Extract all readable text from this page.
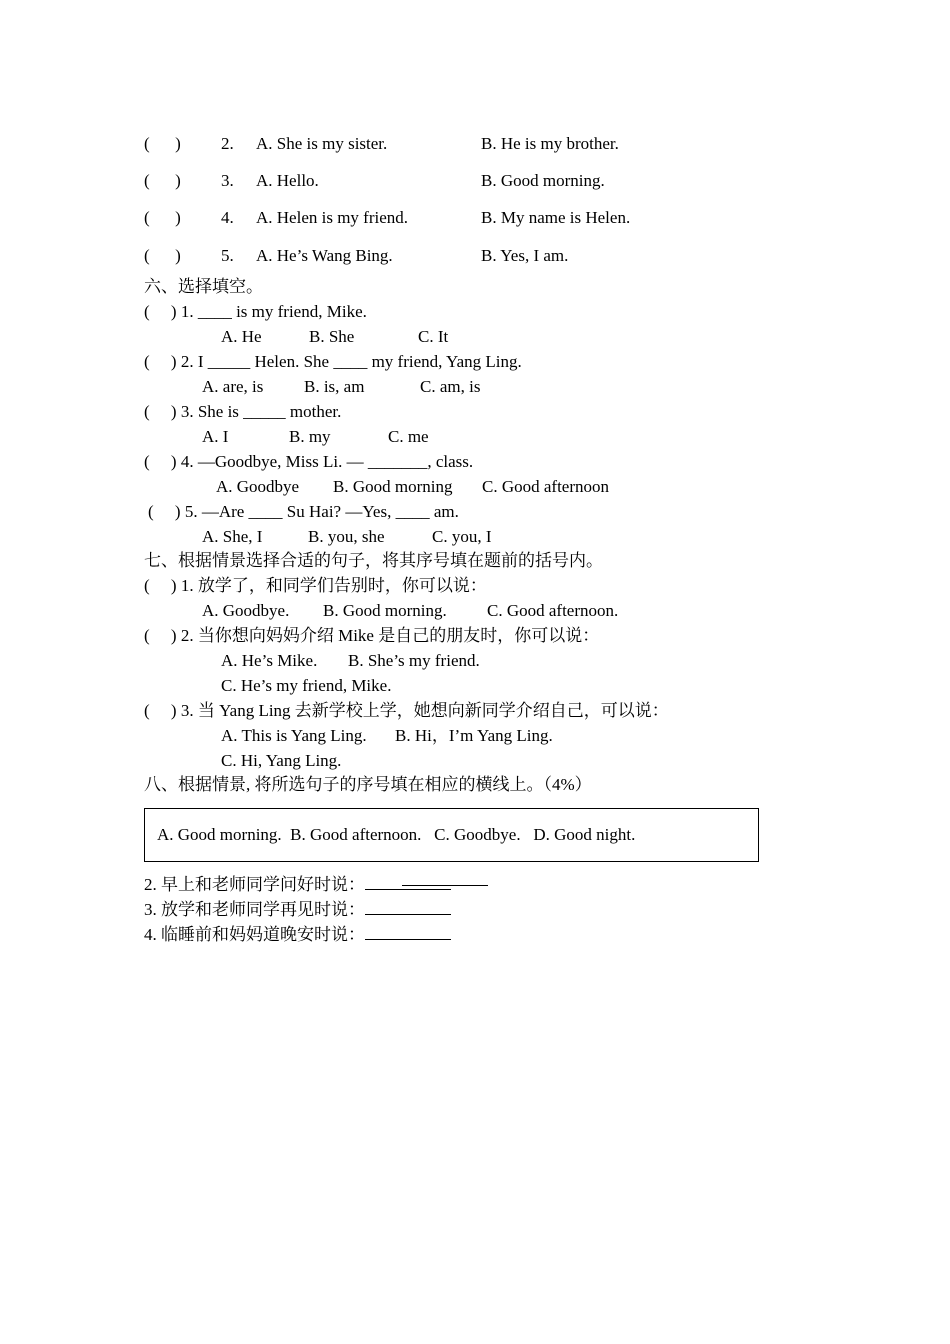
(      ) 2. A. She is my sister.	B. He is my brother.
(      ) 3. A. Hello.	B. Good morning.
(      ) 4. A. Helen is my friend.	B. My name is Helen.
(      ) 5. A. He’s Wang Bing.	B. Yes, I am.
六、选择填空。
(     ) 1. ____ is my friend, Mike.
A. He	B. She	C. It
(     ) 2. I _____ Helen. She ____ my friend, Yang Ling.
A. are, is B. is, am	C. am, is
(     ) 3. She is _____ mother.
A. I	B. my	C. me
(     ) 4. —Goodbye, Miss Li. — _______, class.
A. Goodbye B. Good morning C. Good afternoon
(     ) 5. —Are ____ Su Hai? —Yes, ____ am.
A. She, I	B. you, she	C. you, I
七、根据情景选择合适的句子，将其序号填在题前的括号内。
(     ) 1. 放学了，和同学们告别时，你可以说：
A. Goodbye. B. Good morning. C. Good afternoon.
(     ) 2. 当你想向妈妈介绍 Mike 是自己的朋友时，你可以说：
A. He’s Mike. B. She’s my friend.
C. He’s my friend, Mike.
(     ) 3. 当 Yang Ling 去新学校上学，她想向新同学介绍自己，可以说：
A. This is Yang Ling. B. Hi，I’m Yang Ling.
C. Hi, Yang Ling.
八、根据情景, 将所选句子的序号填在相应的横线上。（4%）

A. Good morning.  B. Good afternoon.   C. Goodbye.   D. Good night.
2. 早上和老师同学问好时说：
3. 放学和老师同学再见时说：
4. 临睡前和妈妈道晚安时说：
